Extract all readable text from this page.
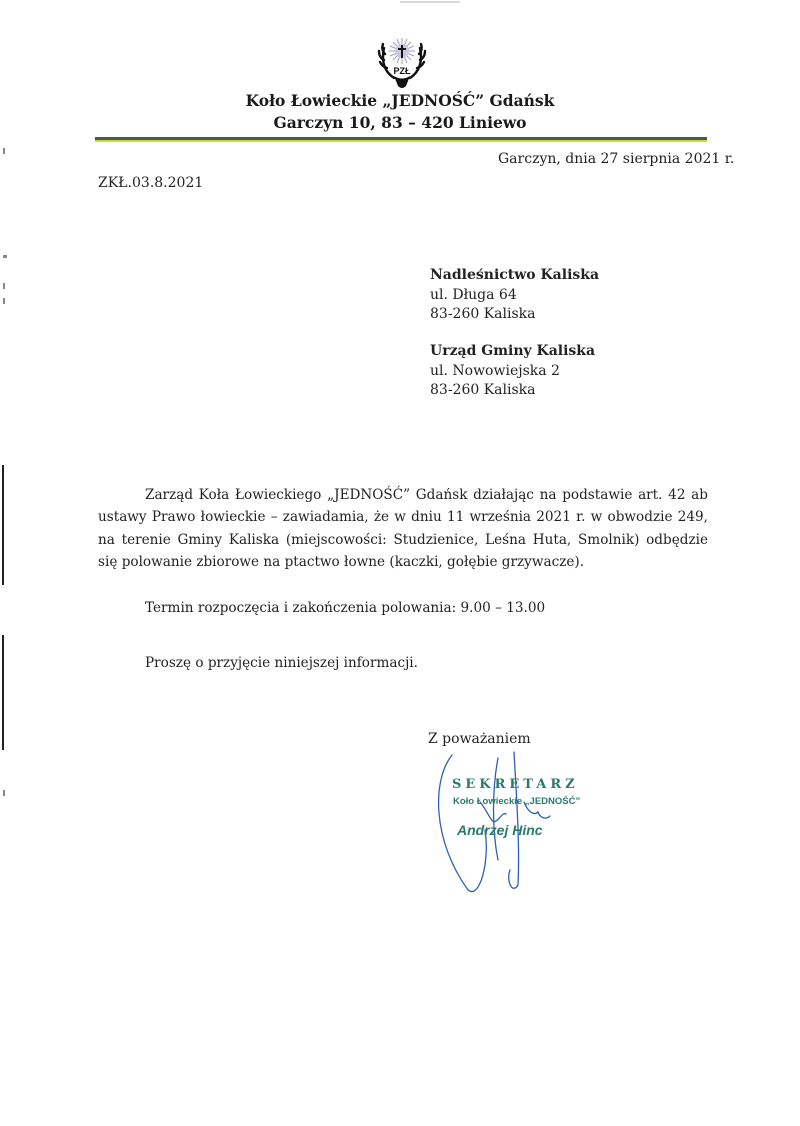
PZŁ
Koło Łowieckie „JEDNOŚĆ” Gdańsk
Garczyn 10, 83 – 420 Liniewo
Garczyn, dnia 27 sierpnia 2021 r.
ZKŁ.03.8.2021
Nadleśnictwo Kaliska
ul. Długa 64
83-260 Kaliska
Urząd Gminy Kaliska
ul. Nowowiejska 2
83-260 Kaliska
Zarząd Koła Łowieckiego „JEDNOŚĆ” Gdańsk działając na podstawie art. 42 ab ustawy Prawo łowieckie – zawiadamia, że w dniu 11 września 2021 r. w obwodzie 249, na terenie Gminy Kaliska (miejscowości: Studzienice, Leśna Huta, Smolnik) odbędzie się polowanie zbiorowe na ptactwo łowne (kaczki, gołębie grzywacze).
Termin rozpoczęcia i zakończenia polowania: 9.00 – 13.00
Proszę o przyjęcie niniejszej informacji.
Z poważaniem
SEKRETARZ
Koło Łowieckie „JEDNOŚĆ”
Andrzej Hinc
